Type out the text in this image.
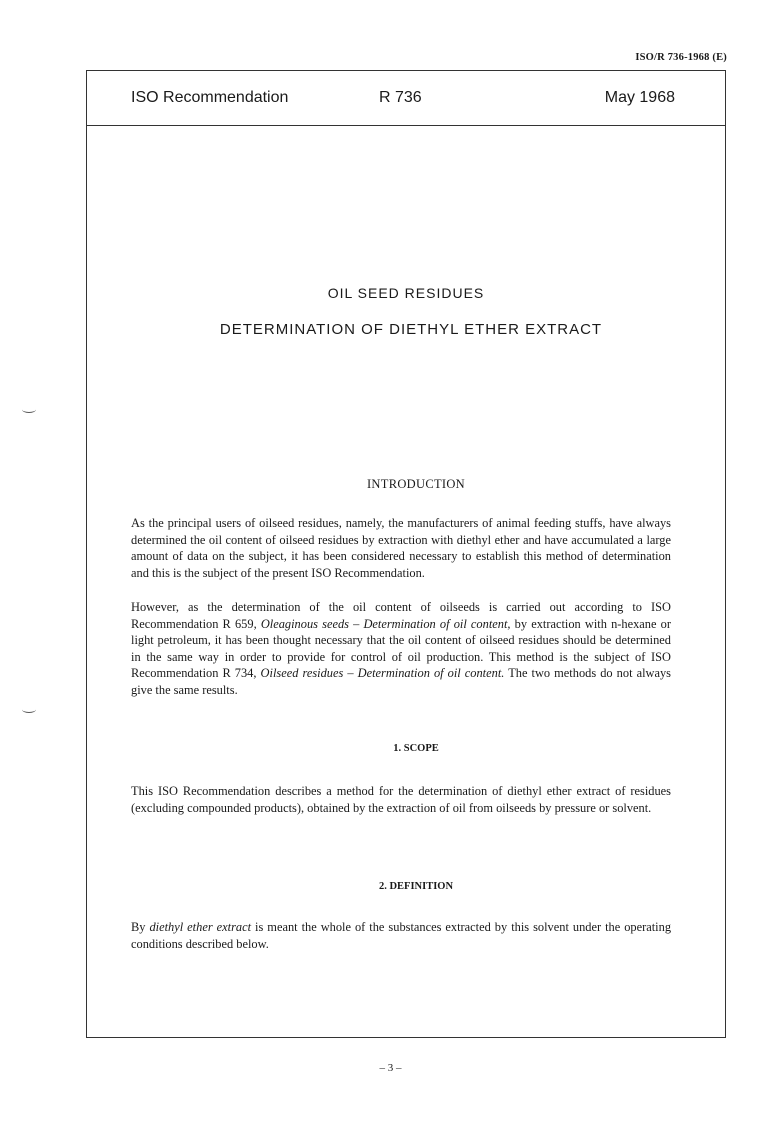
ISO/R 736-1968 (E)
ISO Recommendation	R 736	May 1968
OIL SEED RESIDUES
DETERMINATION OF DIETHYL ETHER EXTRACT
INTRODUCTION
As the principal users of oilseed residues, namely, the manufacturers of animal feeding stuffs, have always determined the oil content of oilseed residues by extraction with diethyl ether and have accumulated a large amount of data on the subject, it has been considered necessary to establish this method of determination and this is the subject of the present ISO Recommendation.
However, as the determination of the oil content of oilseeds is carried out according to ISO Recommendation R 659, Oleaginous seeds – Determination of oil content, by extraction with n-hexane or light petroleum, it has been thought necessary that the oil content of oilseed residues should be determined in the same way in order to provide for control of oil production. This method is the subject of ISO Recommendation R 734, Oilseed residues – Determination of oil content. The two methods do not always give the same results.
1. SCOPE
This ISO Recommendation describes a method for the determination of diethyl ether extract of residues (excluding compounded products), obtained by the extraction of oil from oilseeds by pressure or solvent.
2. DEFINITION
By diethyl ether extract is meant the whole of the substances extracted by this solvent under the operating conditions described below.
– 3 –
